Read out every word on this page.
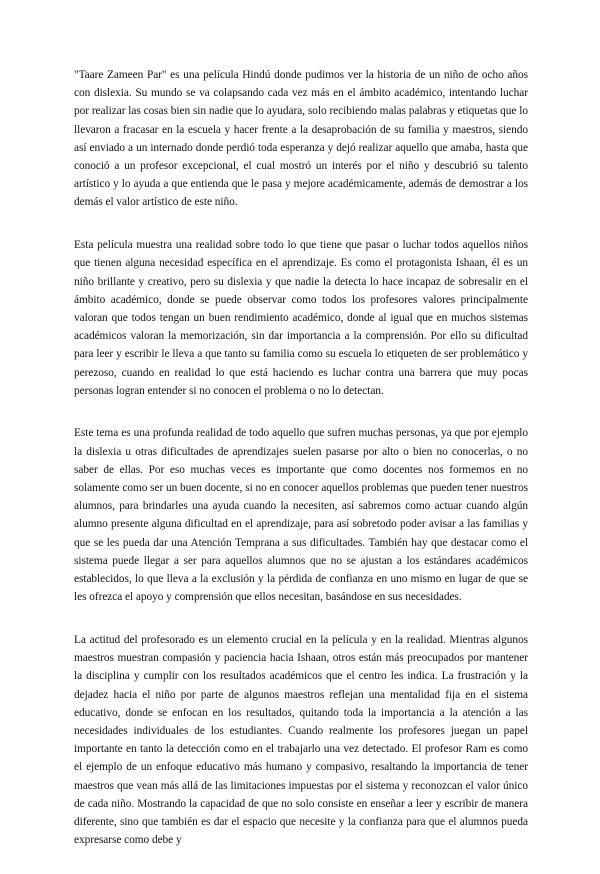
"Taare Zameen Par" es una película Hindú donde pudimos ver la historia de un niño de ocho años con dislexia. Su mundo se va colapsando cada vez más en el ámbito académico, intentando luchar por realizar las cosas bien sin nadie que lo ayudara, solo recibiendo malas palabras y etiquetas que lo llevaron a fracasar en la escuela y hacer frente a la desaprobación de su familia y maestros, siendo así enviado a un internado donde perdió toda esperanza y dejó realizar aquello que amaba, hasta que conoció a un profesor excepcional, el cual mostró un interés por el niño y descubrió su talento artístico y lo ayuda a que entienda que le pasa y mejore académicamente, además de demostrar a los demás el valor artístico de este niño.

Esta película muestra una realidad sobre todo lo que tiene que pasar o luchar todos aquellos niños que tienen alguna necesidad específica en el aprendizaje. Es como el protagonista Ishaan, él es un niño brillante y creativo, pero su dislexia y que nadie la detecta lo hace incapaz de sobresalir en el ámbito académico, donde se puede observar como todos los profesores valores principalmente valoran que todos tengan un buen rendimiento académico, donde al igual que en muchos sistemas académicos valoran la memorización, sin dar importancia a la comprensión. Por ello su dificultad para leer y escribir le lleva a que tanto su familia como su escuela lo etiqueten de ser problemático y perezoso, cuando en realidad lo que está haciendo es luchar contra una barrera que muy pocas personas logran entender si no conocen el problema o no lo detectan.

Este tema es una profunda realidad de todo aquello que sufren muchas personas, ya que por ejemplo la dislexia u otras dificultades de aprendizajes suelen pasarse por alto o bien no conocerlas, o no saber de ellas. Por eso muchas veces es importante que como docentes nos formemos en no solamente como ser un buen docente, si no en conocer aquellos problemas que pueden tener nuestros alumnos, para brindarles una ayuda cuando la necesiten, así sabremos como actuar cuando algún alumno presente alguna dificultad en el aprendizaje, para así sobretodo poder avisar a las familias y que se les pueda dar una Atención Temprana a sus dificultades. También hay que destacar como el sistema puede llegar a ser para aquellos alumnos que no se ajustan a los estándares académicos establecidos, lo que lleva a la exclusión y la pérdida de confianza en uno mismo en lugar de que se les ofrezca el apoyo y comprensión que ellos necesitan, basándose en sus necesidades.

La actitud del profesorado es un elemento crucial en la película y en la realidad. Mientras algunos maestros muestran compasión y paciencia hacia Ishaan, otros están más preocupados por mantener la disciplina y cumplir con los resultados académicos que el centro les indica. La frustración y la dejadez hacia el niño por parte de algunos maestros reflejan una mentalidad fija en el sistema educativo, donde se enfocan en los resultados, quitando toda la importancia a la atención a las necesidades individuales de los estudiantes. Cuando realmente los profesores juegan un papel importante en tanto la detección como en el trabajarlo una vez detectado. El profesor Ram es como el ejemplo de un enfoque educativo más humano y compasivo, resaltando la importancia de tener maestros que vean más allá de las limitaciones impuestas por el sistema y reconozcan el valor único de cada niño. Mostrando la capacidad de que no solo consiste en enseñar a leer y escribir de manera diferente, sino que también es dar el espacio que necesite y la confianza para que el alumnos pueda expresarse como debe y
